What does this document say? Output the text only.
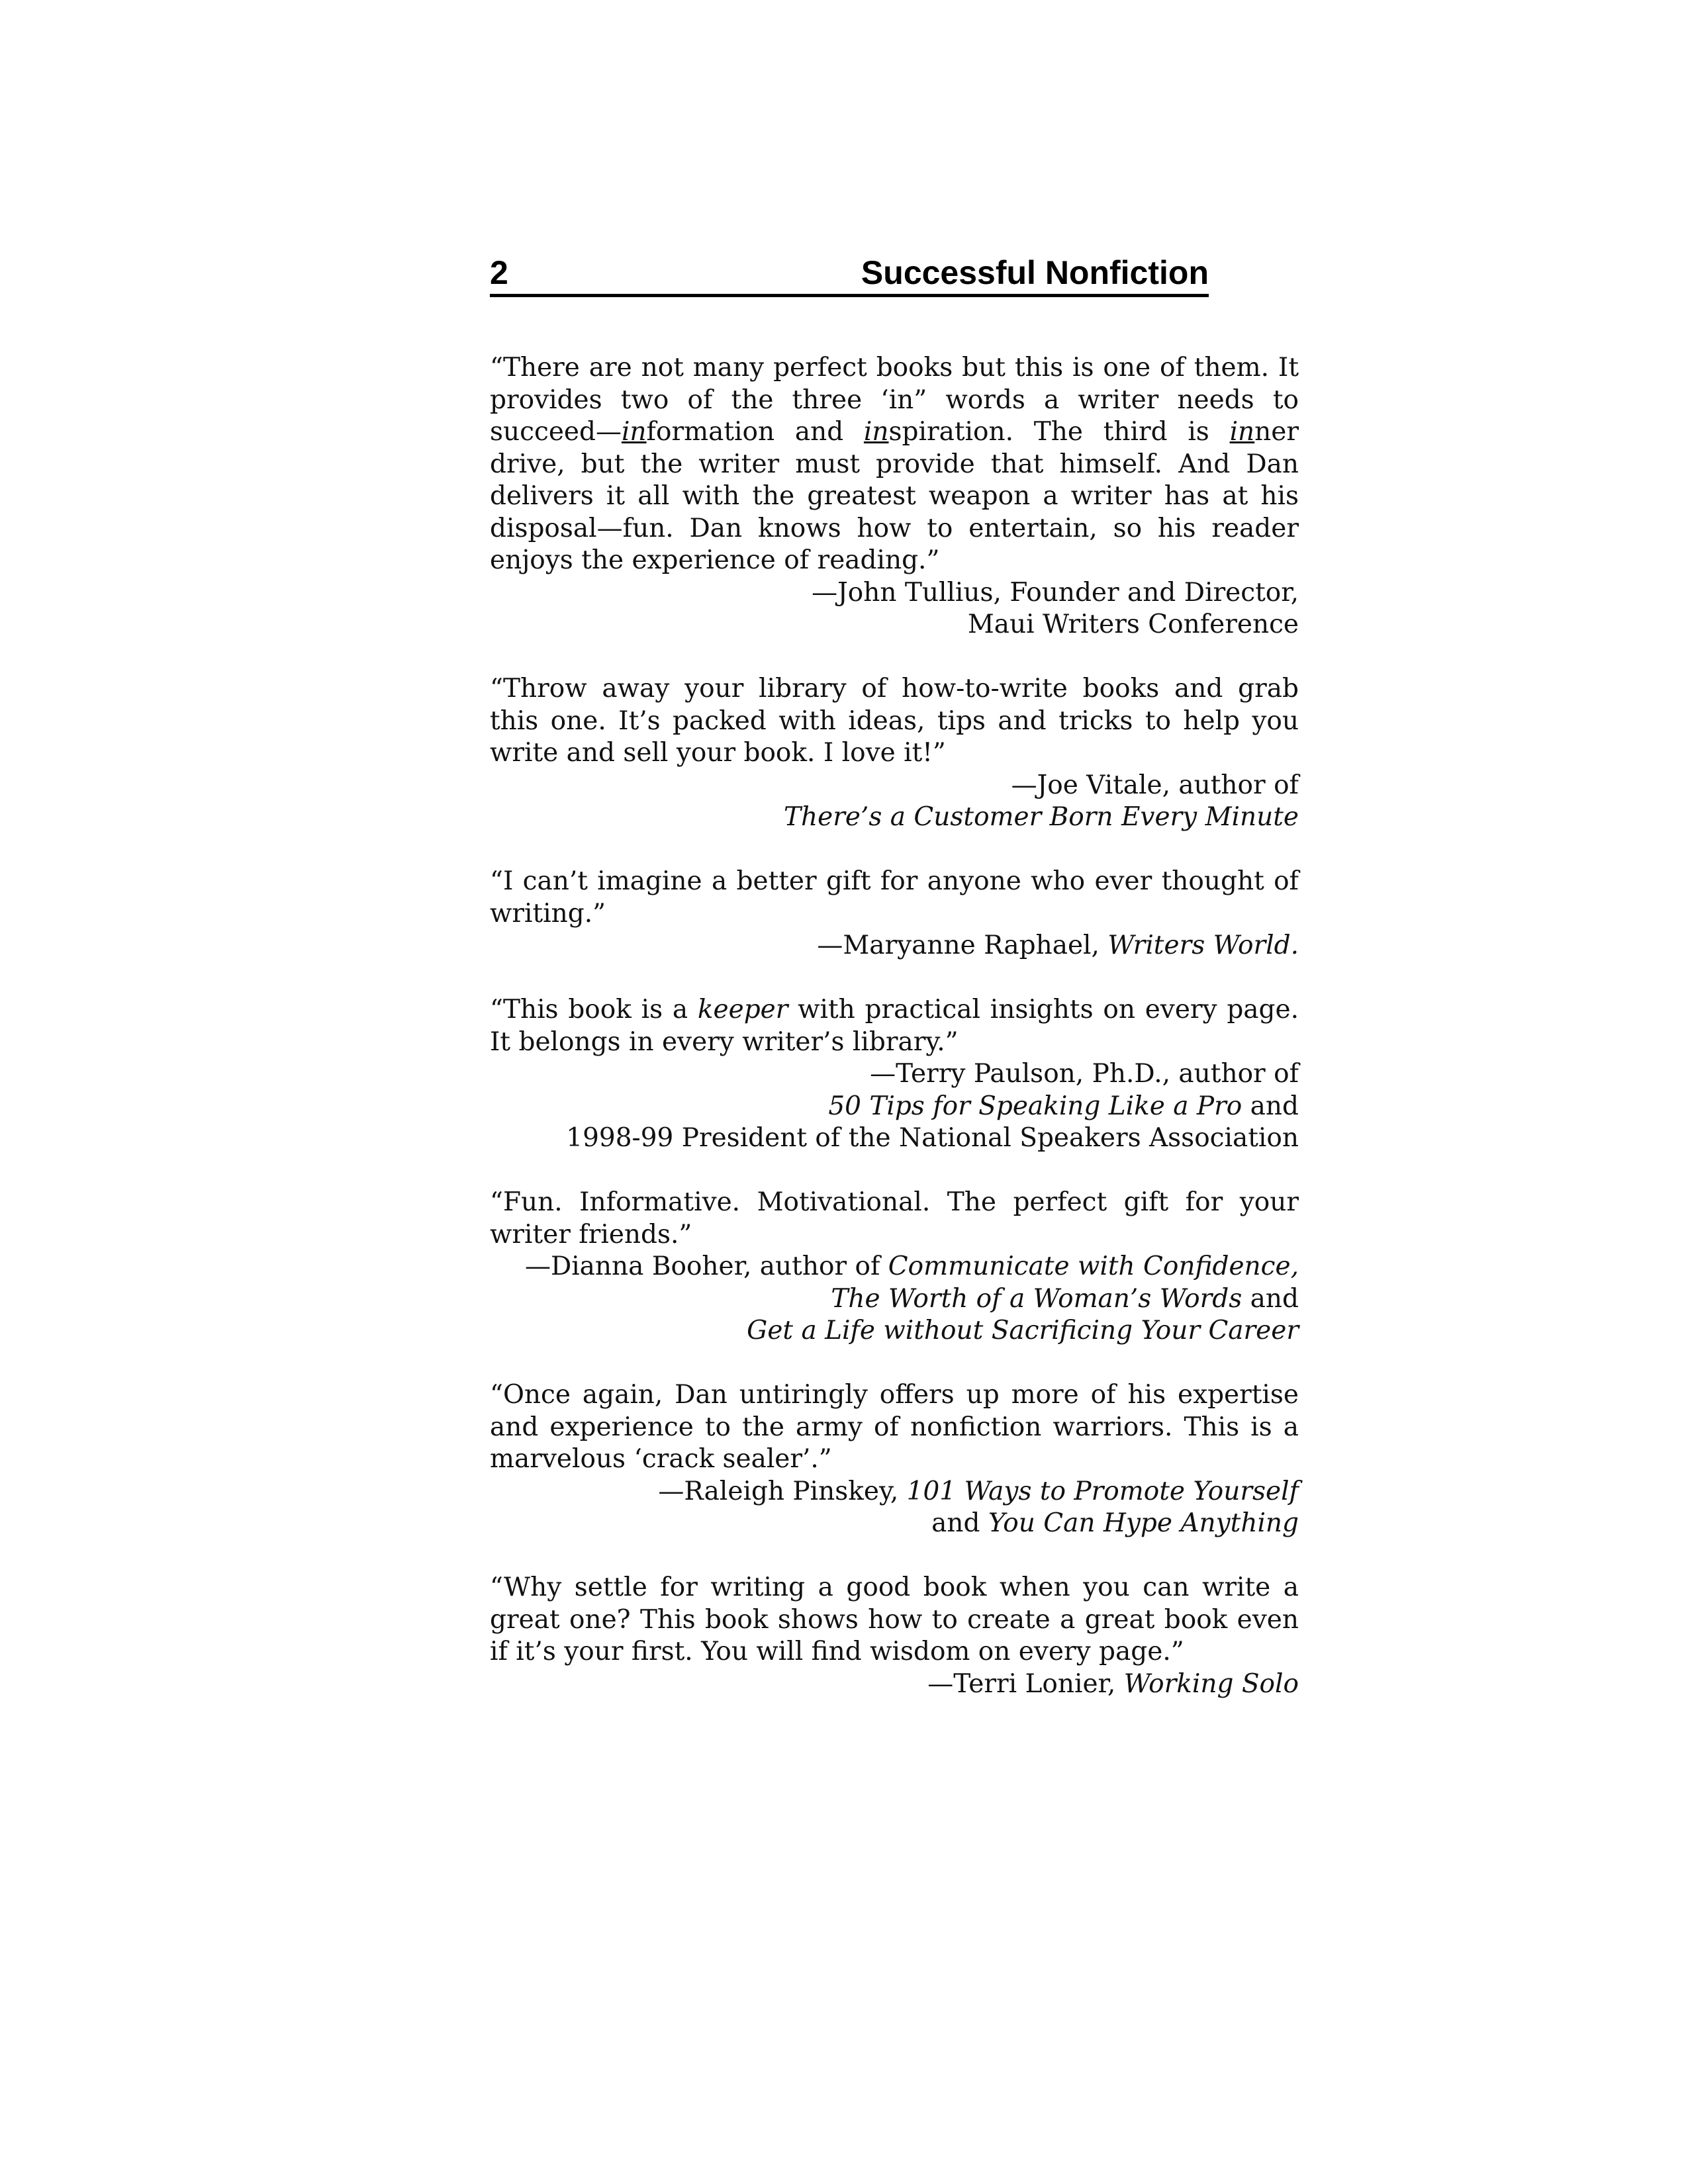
2	Successful Nonfiction

“There are not many perfect books but this is one of them. It provides two of the three ‘in” words a writer needs to succeed—information and inspiration. The third is inner drive, but the writer must provide that himself. And Dan delivers it all with the greatest weapon a writer has at his disposal—fun. Dan knows how to entertain, so his reader enjoys the experience of reading.”

—John Tullius, Founder and Director,

Maui Writers Conference

“Throw away your library of how-to-write books and grab this one. It’s packed with ideas, tips and tricks to help you write and sell your book. I love it!”

—Joe Vitale, author of

There’s a Customer Born Every Minute

“I can’t imagine a better gift for anyone who ever thought of writing.”

—Maryanne Raphael, Writers World.

“This book is a keeper with practical insights on every page. It belongs in every writer’s library.”

—Terry Paulson, Ph.D., author of

50 Tips for Speaking Like a Pro and

1998-99 President of the National Speakers Association

“Fun. Informative. Motivational. The perfect gift for your writer friends.”

—Dianna Booher, author of Communicate with Confidence,

The Worth of a Woman’s Words and

Get a Life without Sacrificing Your Career

“Once again, Dan untiringly offers up more of his expertise and experience to the army of nonfiction warriors. This is a marvelous ‘crack sealer’.”

—Raleigh Pinskey, 101 Ways to Promote Yourself

and You Can Hype Anything

“Why settle for writing a good book when you can write a great one? This book shows how to create a great book even if it’s your first. You will find wisdom on every page.”

—Terri Lonier, Working Solo
